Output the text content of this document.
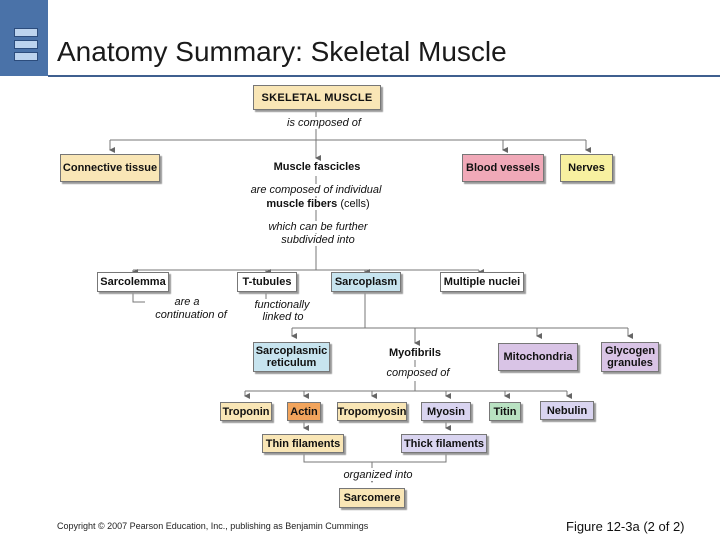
Anatomy Summary: Skeletal Muscle
SKELETAL MUSCLE
Connective tissue	Muscle fascicles	Blood vessels	Nerves
Sarcolemma	T-tubules	Sarcoplasm	Multiple nuclei
Sarcoplasmic
reticulum
Myofibrils	Mitochondria	Glycogen
granules
Troponin Actin Tropomyosin	Myosin	Titin	Nebulin
Thin filaments	Thick filaments
Sarcomere
is composed of
are composed of individual
muscle fibers (cells)
which can be further
subdivided into
are a
continuation of
functionally
linked to
composed of
organized into
Copyright © 2007 Pearson Education, Inc., publishing as Benjamin Cummings	Figure 12-3a (2 of 2)
